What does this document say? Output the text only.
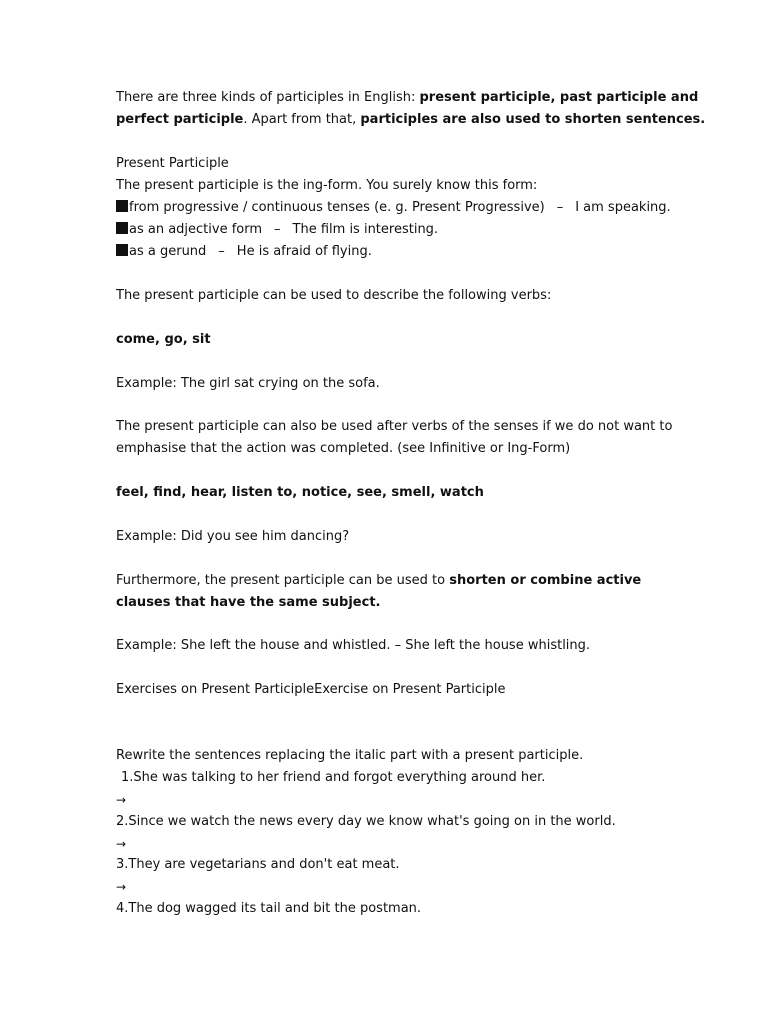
There are three kinds of participles in English: present participle, past participle and
perfect participle. Apart from that, participles are also used to shorten sentences.
Present Participle
The present participle is the ing-form. You surely know this form:
from progressive / continuous tenses (e. g. Present Progressive) – I am speaking.
as an adjective form – The film is interesting.
as a gerund – He is afraid of flying.
The present participle can be used to describe the following verbs:
come, go, sit
Example: The girl sat crying on the sofa.
The present participle can also be used after verbs of the senses if we do not want to
emphasise that the action was completed. (see Infinitive or Ing-Form)
feel, find, hear, listen to, notice, see, smell, watch
Example: Did you see him dancing?
Furthermore, the present participle can be used to shorten or combine active
clauses that have the same subject.
Example: She left the house and whistled. – She left the house whistling.
Exercises on Present ParticipleExercise on Present Participle
Rewrite the sentences replacing the italic part with a present participle.
1.She was talking to her friend and forgot everything around her.
→
2.Since we watch the news every day we know what's going on in the world.
→
3.They are vegetarians and don't eat meat.
→
4.The dog wagged its tail and bit the postman.
